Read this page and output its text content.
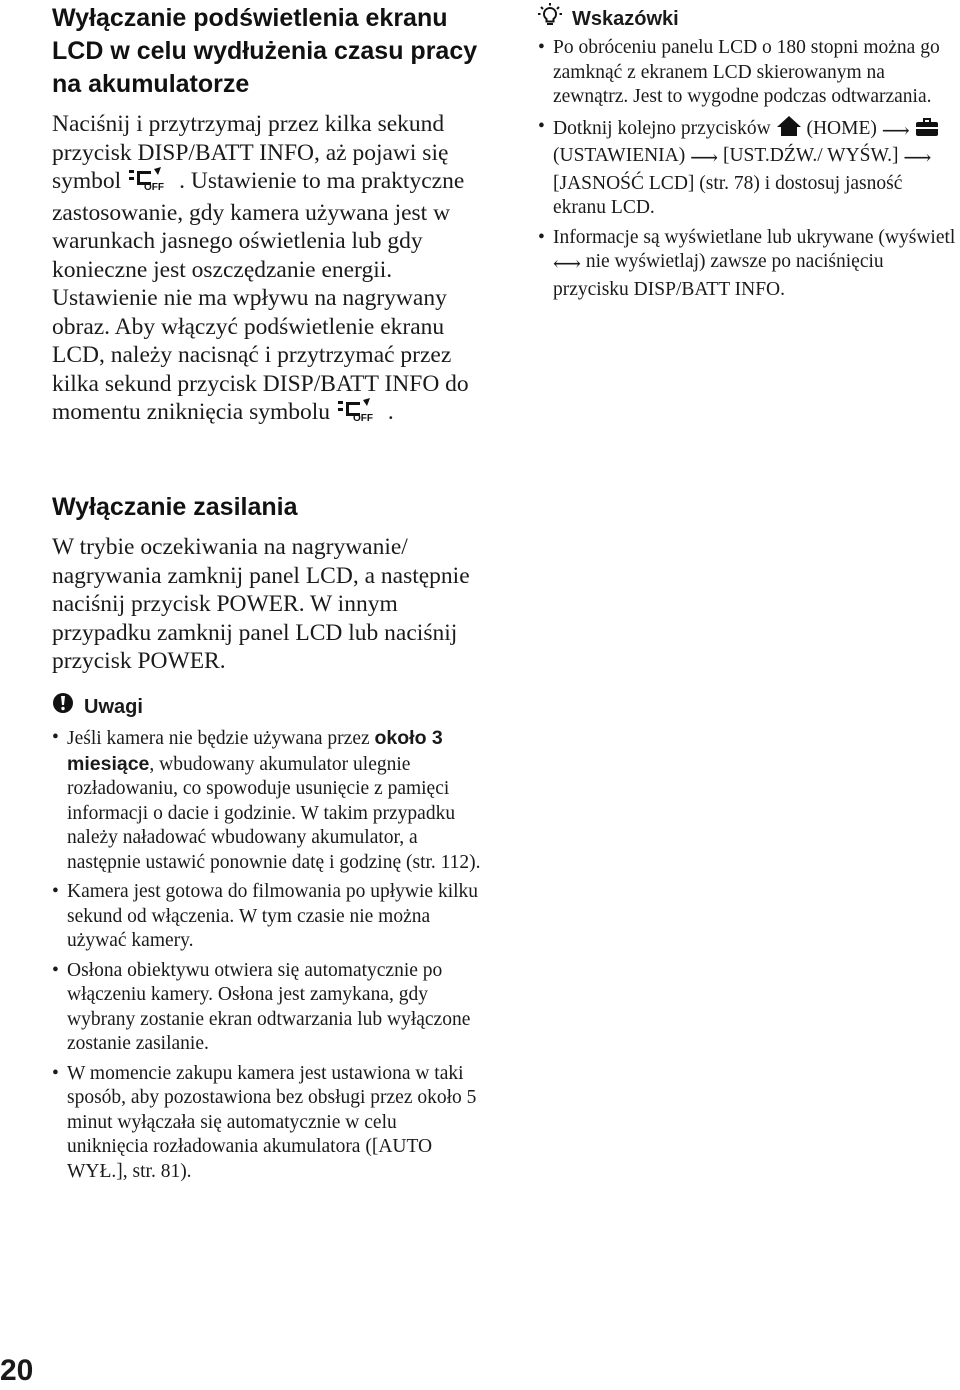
Wyłączanie podświetlenia ekranu LCD w celu wydłużenia czasu pracy na akumulatorze

Naciśnij i przytrzymaj przez kilka sekund przycisk DISP/BATT INFO, aż pojawi się symbol OFF . Ustawienie to ma praktyczne zastosowanie, gdy kamera używana jest w warunkach jasnego oświetlenia lub gdy konieczne jest oszczędzanie energii. Ustawienie nie ma wpływu na nagrywany obraz. Aby włączyć podświetlenie ekranu LCD, należy nacisnąć i przytrzymać przez kilka sekund przycisk DISP/BATT INFO do momentu zniknięcia symbolu OFF .

Wyłączanie zasilania

W trybie oczekiwania na nagrywanie/ nagrywania zamknij panel LCD, a następnie naciśnij przycisk POWER. W innym przypadku zamknij panel LCD lub naciśnij przycisk POWER.

Uwagi
• Jeśli kamera nie będzie używana przez około 3 miesiące, wbudowany akumulator ulegnie rozładowaniu, co spowoduje usunięcie z pamięci informacji o dacie i godzinie. W takim przypadku należy naładować wbudowany akumulator, a następnie ustawić ponownie datę i godzinę (str. 112).
• Kamera jest gotowa do filmowania po upływie kilku sekund od włączenia. W tym czasie nie można używać kamery.
• Osłona obiektywu otwiera się automatycznie po włączeniu kamery. Osłona jest zamykana, gdy wybrany zostanie ekran odtwarzania lub wyłączone zostanie zasilanie.
• W momencie zakupu kamera jest ustawiona w taki sposób, aby pozostawiona bez obsługi przez około 5 minut wyłączała się automatycznie w celu uniknięcia rozładowania akumulatora ([AUTO WYŁ.], str. 81).
Wskazówki
• Po obróceniu panelu LCD o 180 stopni można go zamknąć z ekranem LCD skierowanym na zewnątrz. Jest to wygodne podczas odtwarzania.
• Dotknij kolejno przycisków  (HOME) ⟶  (USTAWIENIA) ⟶ [UST.DŹW./ WYŚW.] ⟶ [JASNOŚĆ LCD] (str. 78) i dostosuj jasność ekranu LCD.
• Informacje są wyświetlane lub ukrywane (wyświetl ⟷ nie wyświetlaj) zawsze po naciśnięciu przycisku DISP/BATT INFO.
20
